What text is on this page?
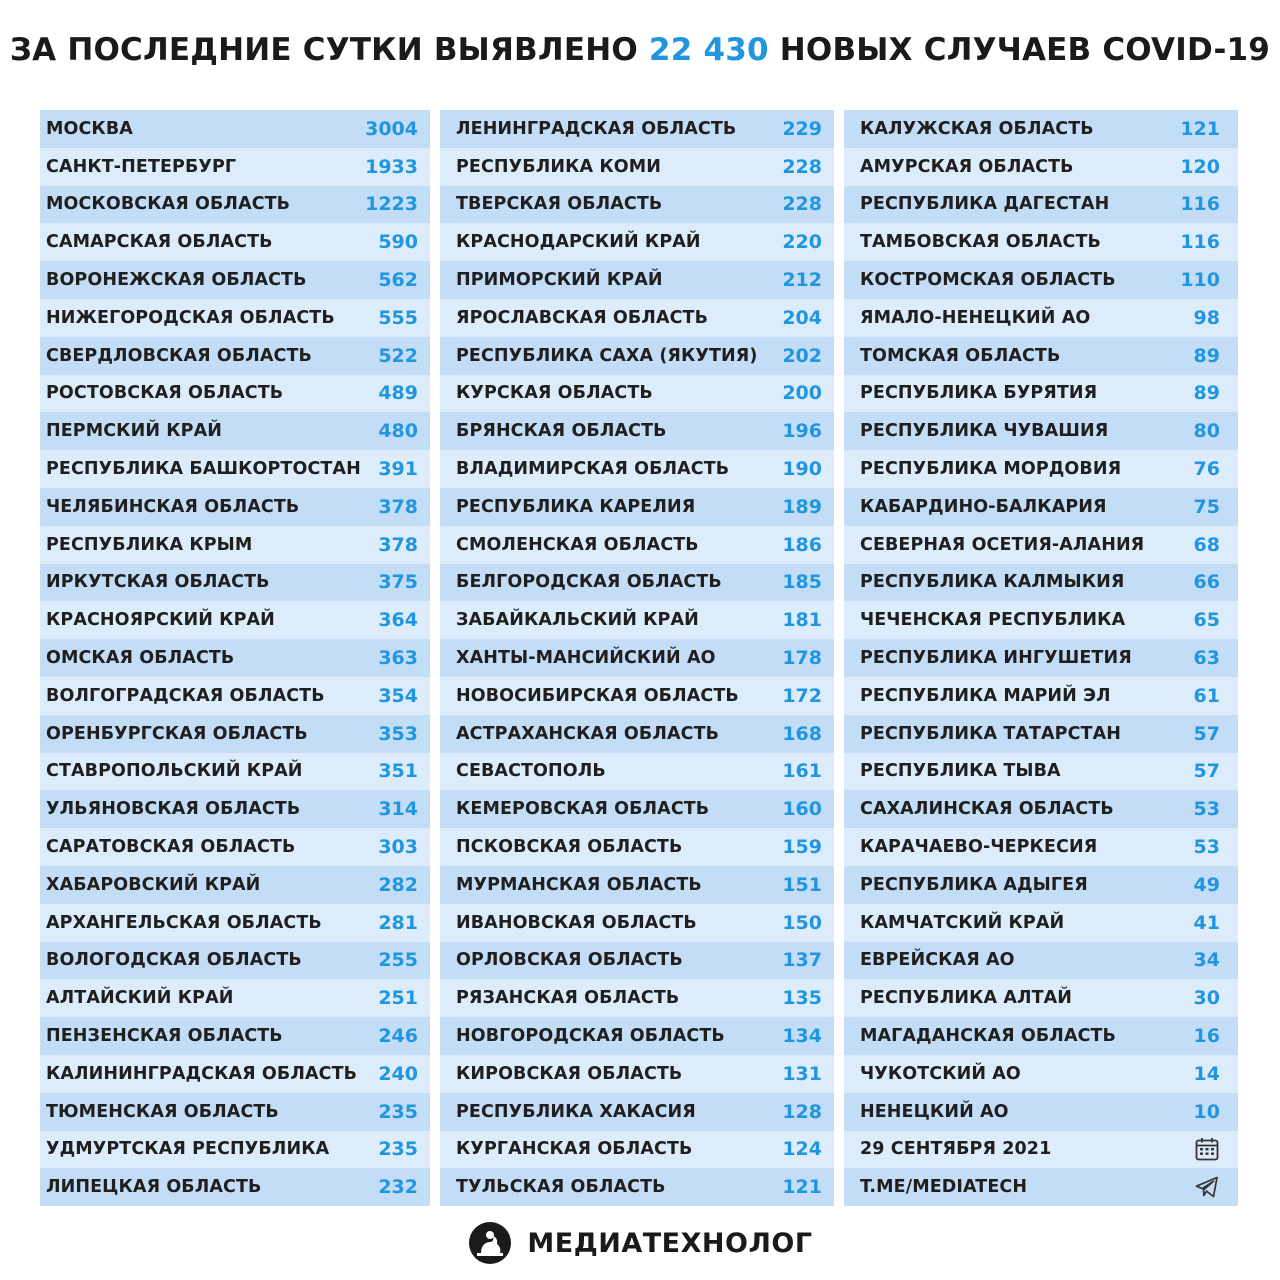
ЗА ПОСЛЕДНИЕ СУТКИ ВЫЯВЛЕНО 22 430 НОВЫХ СЛУЧАЕВ COVID-19
МОСКВА	3004
САНКТ-ПЕТЕРБУРГ	1933
МОСКОВСКАЯ ОБЛАСТЬ	1223
САМАРСКАЯ ОБЛАСТЬ	590
ВОРОНЕЖСКАЯ ОБЛАСТЬ	562
НИЖЕГОРОДСКАЯ ОБЛАСТЬ 555
СВЕРДЛОВСКАЯ ОБЛАСТЬ	522
РОСТОВСКАЯ ОБЛАСТЬ	489
ПЕРМСКИЙ КРАЙ	480
РЕСПУБЛИКА БАШКОРТОСТАН 391
ЧЕЛЯБИНСКАЯ ОБЛАСТЬ	378
РЕСПУБЛИКА КРЫМ	378
ИРКУТСКАЯ ОБЛАСТЬ	375
КРАСНОЯРСКИЙ КРАЙ	364
ОМСКАЯ ОБЛАСТЬ	363
ВОЛГОГРАДСКАЯ ОБЛАСТЬ	354
ОРЕНБУРГСКАЯ ОБЛАСТЬ	353
СТАВРОПОЛЬСКИЙ КРАЙ	351
УЛЬЯНОВСКАЯ ОБЛАСТЬ	314
САРАТОВСКАЯ ОБЛАСТЬ	303
ХАБАРОВСКИЙ КРАЙ	282
АРХАНГЕЛЬСКАЯ ОБЛАСТЬ	281
ВОЛОГОДСКАЯ ОБЛАСТЬ	255
АЛТАЙСКИЙ КРАЙ	251
ПЕНЗЕНСКАЯ ОБЛАСТЬ	246
КАЛИНИНГРАДСКАЯ ОБЛАСТЬ 240
ТЮМЕНСКАЯ ОБЛАСТЬ	235
УДМУРТСКАЯ РЕСПУБЛИКА	235
ЛИПЕЦКАЯ ОБЛАСТЬ	232
ЛЕНИНГРАДСКАЯ ОБЛАСТЬ 229
РЕСПУБЛИКА КОМИ	228
ТВЕРСКАЯ ОБЛАСТЬ	228
КРАСНОДАРСКИЙ КРАЙ	220
ПРИМОРСКИЙ КРАЙ	212
ЯРОСЛАВСКАЯ ОБЛАСТЬ	204
РЕСПУБЛИКА САХА (ЯКУТИЯ) 202
КУРСКАЯ ОБЛАСТЬ	200
БРЯНСКАЯ ОБЛАСТЬ	196
ВЛАДИМИРСКАЯ ОБЛАСТЬ	190
РЕСПУБЛИКА КАРЕЛИЯ	189
СМОЛЕНСКАЯ ОБЛАСТЬ	186
БЕЛГОРОДСКАЯ ОБЛАСТЬ	185
ЗАБАЙКАЛЬСКИЙ КРАЙ	181
ХАНТЫ-МАНСИЙСКИЙ АО	178
НОВОСИБИРСКАЯ ОБЛАСТЬ 172
АСТРАХАНСКАЯ ОБЛАСТЬ	168
СЕВАСТОПОЛЬ	161
КЕМЕРОВСКАЯ ОБЛАСТЬ	160
ПСКОВСКАЯ ОБЛАСТЬ	159
МУРМАНСКАЯ ОБЛАСТЬ	151
ИВАНОВСКАЯ ОБЛАСТЬ	150
ОРЛОВСКАЯ ОБЛАСТЬ	137
РЯЗАНСКАЯ ОБЛАСТЬ	135
НОВГОРОДСКАЯ ОБЛАСТЬ	134
КИРОВСКАЯ ОБЛАСТЬ	131
РЕСПУБЛИКА ХАКАСИЯ	128
КУРГАНСКАЯ ОБЛАСТЬ	124
ТУЛЬСКАЯ ОБЛАСТЬ	121
КАЛУЖСКАЯ ОБЛАСТЬ	121
АМУРСКАЯ ОБЛАСТЬ	120
РЕСПУБЛИКА ДАГЕСТАН	116
ТАМБОВСКАЯ ОБЛАСТЬ	116
КОСТРОМСКАЯ ОБЛАСТЬ	110
ЯМАЛО-НЕНЕЦКИЙ АО	98
ТОМСКАЯ ОБЛАСТЬ	89
РЕСПУБЛИКА БУРЯТИЯ	89
РЕСПУБЛИКА ЧУВАШИЯ	80
РЕСПУБЛИКА МОРДОВИЯ	76
КАБАРДИНО-БАЛКАРИЯ	75
СЕВЕРНАЯ ОСЕТИЯ-АЛАНИЯ	68
РЕСПУБЛИКА КАЛМЫКИЯ	66
ЧЕЧЕНСКАЯ РЕСПУБЛИКА	65
РЕСПУБЛИКА ИНГУШЕТИЯ	63
РЕСПУБЛИКА МАРИЙ ЭЛ	61
РЕСПУБЛИКА ТАТАРСТАН	57
РЕСПУБЛИКА ТЫВА	57
САХАЛИНСКАЯ ОБЛАСТЬ	53
КАРАЧАЕВО-ЧЕРКЕСИЯ	53
РЕСПУБЛИКА АДЫГЕЯ	49
КАМЧАТСКИЙ КРАЙ	41
ЕВРЕЙСКАЯ АО	34
РЕСПУБЛИКА АЛТАЙ	30
МАГАДАНСКАЯ ОБЛАСТЬ	16
ЧУКОТСКИЙ АО	14
НЕНЕЦКИЙ АО	10
29 СЕНТЯБРЯ 2021
T.ME/MEDIATECH
МЕДИАТЕХНОЛОГ
